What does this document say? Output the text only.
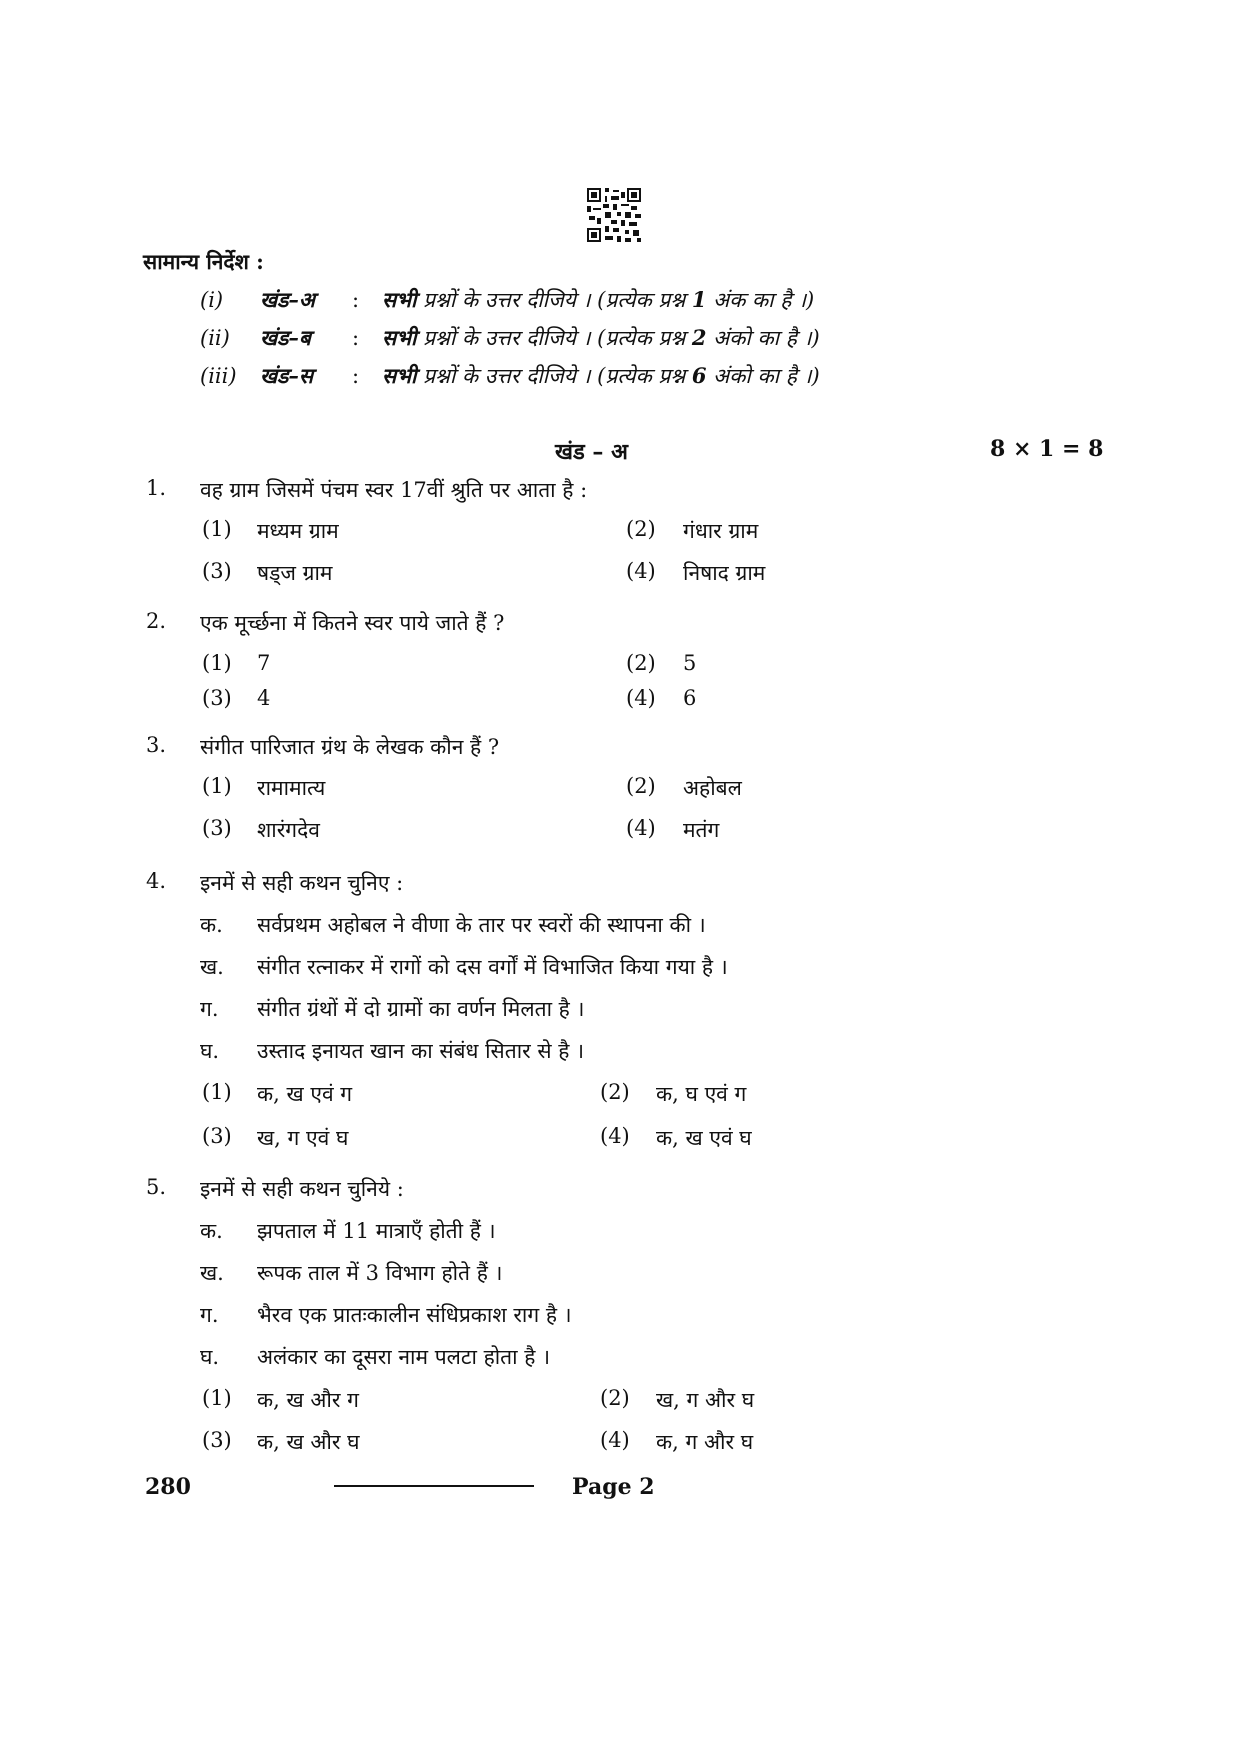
सामान्य निर्देश :
(i) खंड–अ : सभी प्रश्नों के उत्तर दीजिये । (प्रत्येक प्रश्न 1 अंक का है ।)
(ii) खंड–ब : सभी प्रश्नों के उत्तर दीजिये । (प्रत्येक प्रश्न 2 अंको का है ।)
(iii) खंड–स : सभी प्रश्नों के उत्तर दीजिये । (प्रत्येक प्रश्न 6 अंको का है ।)
खंड – अ	8 × 1 = 8
1. वह ग्राम जिसमें पंचम स्वर 17वीं श्रुति पर आता है :
(1) मध्यम ग्राम	(2) गंधार ग्राम
(3) षड्ज ग्राम	(4) निषाद ग्राम
2. एक मूर्च्छना में कितने स्वर पाये जाते हैं ?
(1) 7	(2) 5
(3) 4	(4) 6
3. संगीत पारिजात ग्रंथ के लेखक कौन हैं ?
(1) रामामात्य	(2) अहोबल
(3) शारंगदेव	(4) मतंग
4. इनमें से सही कथन चुनिए :
क. सर्वप्रथम अहोबल ने वीणा के तार पर स्वरों की स्थापना की ।
ख. संगीत रत्नाकर में रागों को दस वर्गों में विभाजित किया गया है ।
ग. संगीत ग्रंथों में दो ग्रामों का वर्णन मिलता है ।
घ. उस्ताद इनायत खान का संबंध सितार से है ।
(1) क, ख एवं ग	(2) क, घ एवं ग
(3) ख, ग एवं घ	(4) क, ख एवं घ
5. इनमें से सही कथन चुनिये :
क. झपताल में 11 मात्राएँ होती हैं ।
ख. रूपक ताल में 3 विभाग होते हैं ।
ग. भैरव एक प्रातःकालीन संधिप्रकाश राग है ।
घ. अलंकार का दूसरा नाम पलटा होता है ।
(1) क, ख और ग	(2) ख, ग और घ
(3) क, ख और घ	(4) क, ग और घ
280	Page 2
